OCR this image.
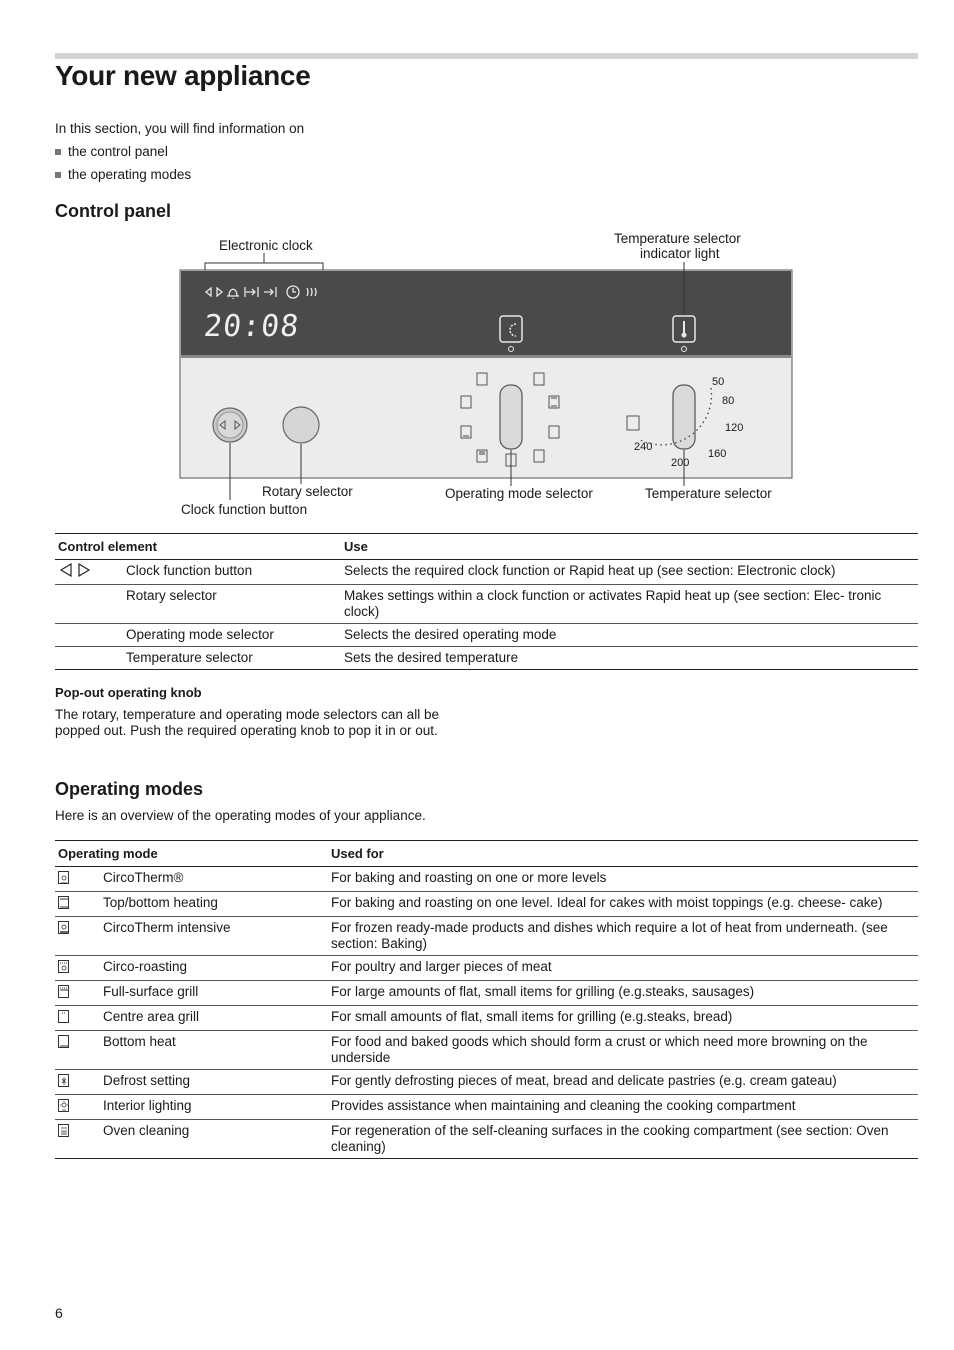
Your new appliance
In this section, you will find information on
the control panel
the operating modes
Control panel
20:08
Electronic clock	Temperature selector
indicator light
Rotary selector
Clock function button
Operating mode selector	Temperature selector
50
80
120
160
200
240
Control element		Use
	Clock function button	Selects the required clock function or Rapid heat up (see section: Electronic clock)
	Rotary selector	Makes settings within a clock function or activates Rapid heat up (see section: Elec- tronic clock)
	Operating mode selector	Selects the desired operating mode
	Temperature selector	Sets the desired temperature
Pop-out operating knob
The rotary, temperature and operating mode selectors can all be popped out. Push the required operating knob to pop it in or out.
Operating modes
Here is an overview of the operating modes of your appliance.
Operating mode		Used for

	CircoTherm®	For baking and roasting on one or more levels

	Top/bottom heating	For baking and roasting on one level. Ideal for cakes with moist toppings (e.g. cheese- cake)

	CircoTherm intensive	For frozen ready-made products and dishes which require a lot of heat from underneath. (see section: Baking)

	Circo-roasting	For poultry and larger pieces of meat

	Full-surface grill	For large amounts of flat, small items for grilling (e.g.steaks, sausages)

	Centre area grill	For small amounts of flat, small items for grilling (e.g.steaks, bread)

	Bottom heat	For food and baked goods which should form a crust or which need more browning on the underside

	Defrost setting	For gently defrosting pieces of meat, bread and delicate pastries (e.g. cream gateau)

	Interior lighting	Provides assistance when maintaining and cleaning the cooking compartment

	Oven cleaning	For regeneration of the self-cleaning surfaces in the cooking compartment (see section: Oven cleaning)
6
